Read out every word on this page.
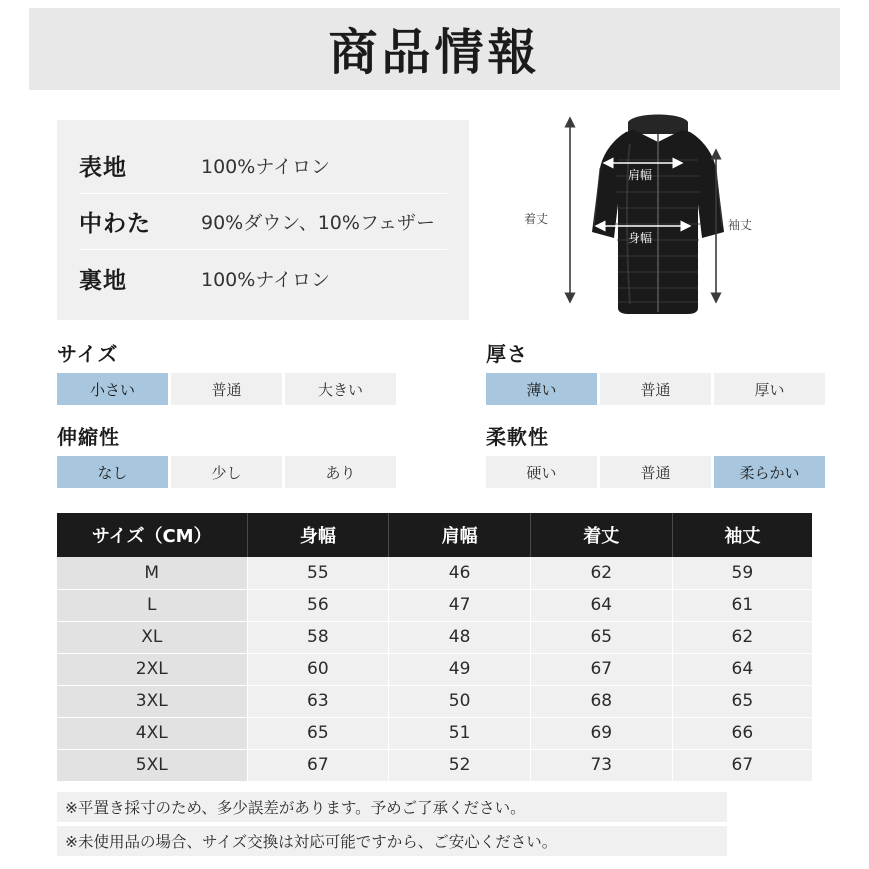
商品情報
表地	100%ナイロン
中わた	90%ダウン、10%フェザー
裏地	100%ナイロン
肩幅
身幅
着丈	袖丈
サイズ
小さい	普通	大きい
厚さ
薄い	普通	厚い
伸縮性
なし	少し	あり
柔軟性
硬い	普通	柔らかい
サイズ（CM）	身幅	肩幅	着丈	袖丈
M	55	46	62	59
L	56	47	64	61
XL	58	48	65	62
2XL	60	49	67	64
3XL	63	50	68	65
4XL	65	51	69	66
5XL	67	52	73	67
※平置き採寸のため、多少誤差があります。予めご了承ください。
※未使用品の場合、サイズ交換は対応可能ですから、ご安心ください。
